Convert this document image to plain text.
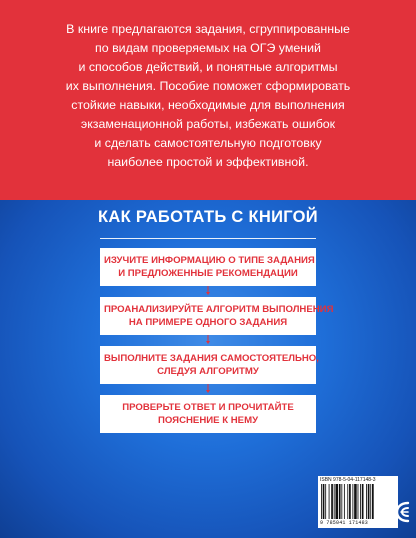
В книге предлагаются задания, сгруппированные
по видам проверяемых на ОГЭ умений
и способов действий, и понятные алгоритмы
их выполнения. Пособие поможет сформировать
стойкие навыки, необходимые для выполнения
экзаменационной работы, избежать ошибок
и сделать самостоятельную подготовку
наиболее простой и эффективной.
КАК РАБОТАТЬ С КНИГОЙ
ИЗУЧИТЕ ИНФОРМАЦИЮ О ТИПЕ ЗАДАНИЯ
И ПРЕДЛОЖЕННЫЕ РЕКОМЕНДАЦИИ
ПРОАНАЛИЗИРУЙТЕ АЛГОРИТМ ВЫПОЛНЕНИЯ
НА ПРИМЕРЕ ОДНОГО ЗАДАНИЯ
ВЫПОЛНИТЕ ЗАДАНИЯ САМОСТОЯТЕЛЬНО,
СЛЕДУЯ АЛГОРИТМУ
ПРОВЕРЬТЕ ОТВЕТ И ПРОЧИТАЙТЕ
ПОЯСНЕНИЕ К НЕМУ
ISBN 978-5-04-117148-3
9 785041 171483
